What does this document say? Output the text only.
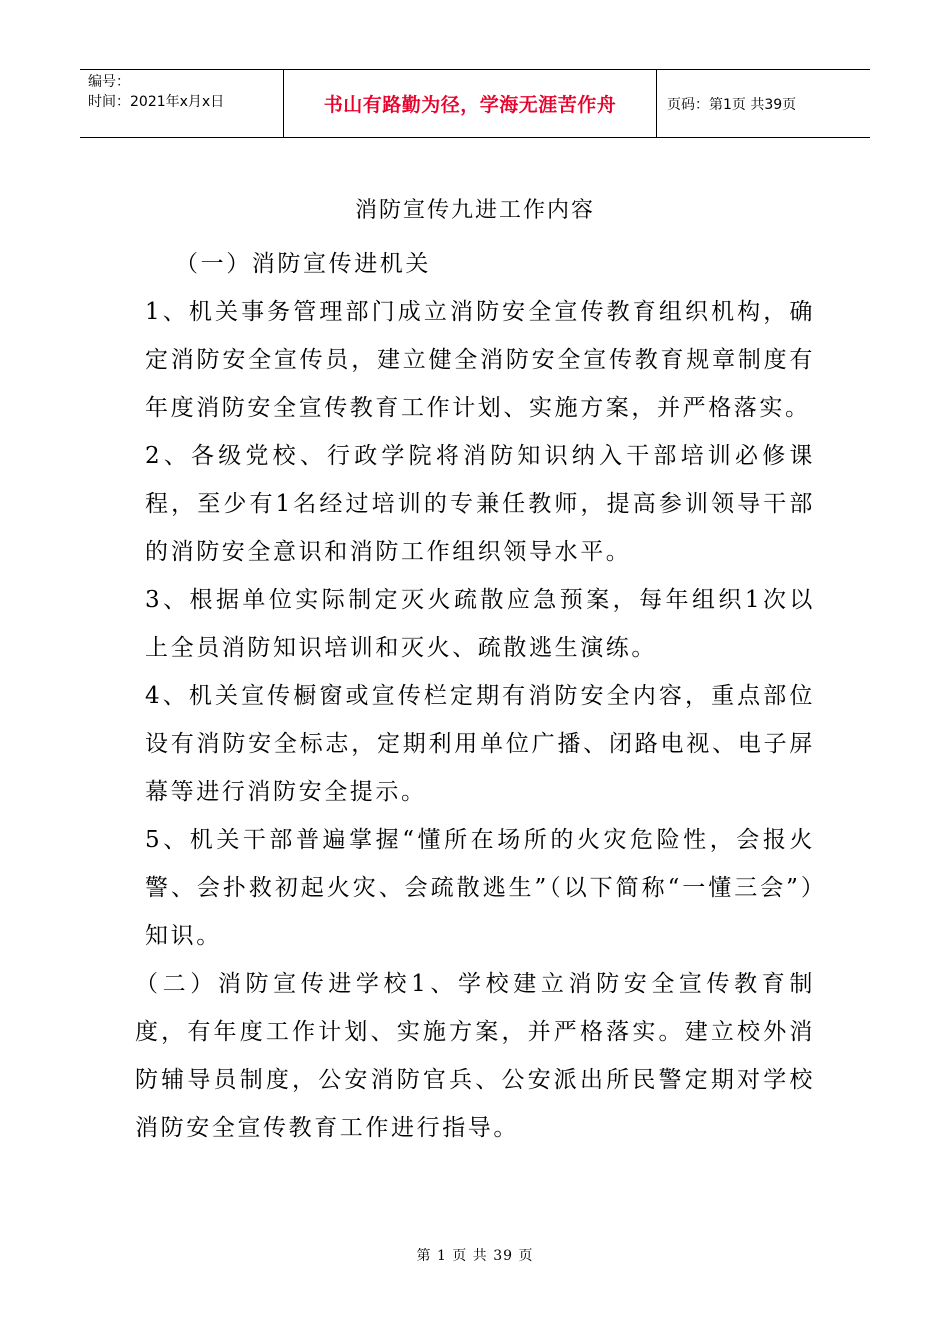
编号：
时间：2021年x月x日	书山有路勤为径，学海无涯苦作舟	页码：第1页 共39页
消防宣传九进工作内容

（一）消防宣传进机关

1、机关事务管理部门成立消防安全宣传教育组织机构，确定消防安全宣传员，建立健全消防安全宣传教育规章制度有年度消防安全宣传教育工作计划、实施方案，并严格落实。

2、各级党校、行政学院将消防知识纳入干部培训必修课程，至少有1名经过培训的专兼任教师，提高参训领导干部的消防安全意识和消防工作组织领导水平。

3、根据单位实际制定灭火疏散应急预案，每年组织1次以上全员消防知识培训和灭火、疏散逃生演练。

4、机关宣传橱窗或宣传栏定期有消防安全内容，重点部位设有消防安全标志，定期利用单位广播、闭路电视、电子屏幕等进行消防安全提示。

5、机关干部普遍掌握“懂所在场所的火灾危险性，会报火警、会扑救初起火灾、会疏散逃生”（以下简称“一懂三会”）知识。

（二）消防宣传进学校1、学校建立消防安全宣传教育制度，有年度工作计划、实施方案，并严格落实。建立校外消防辅导员制度，公安消防官兵、公安派出所民警定期对学校消防安全宣传教育工作进行指导。

第 1 页 共 39 页
